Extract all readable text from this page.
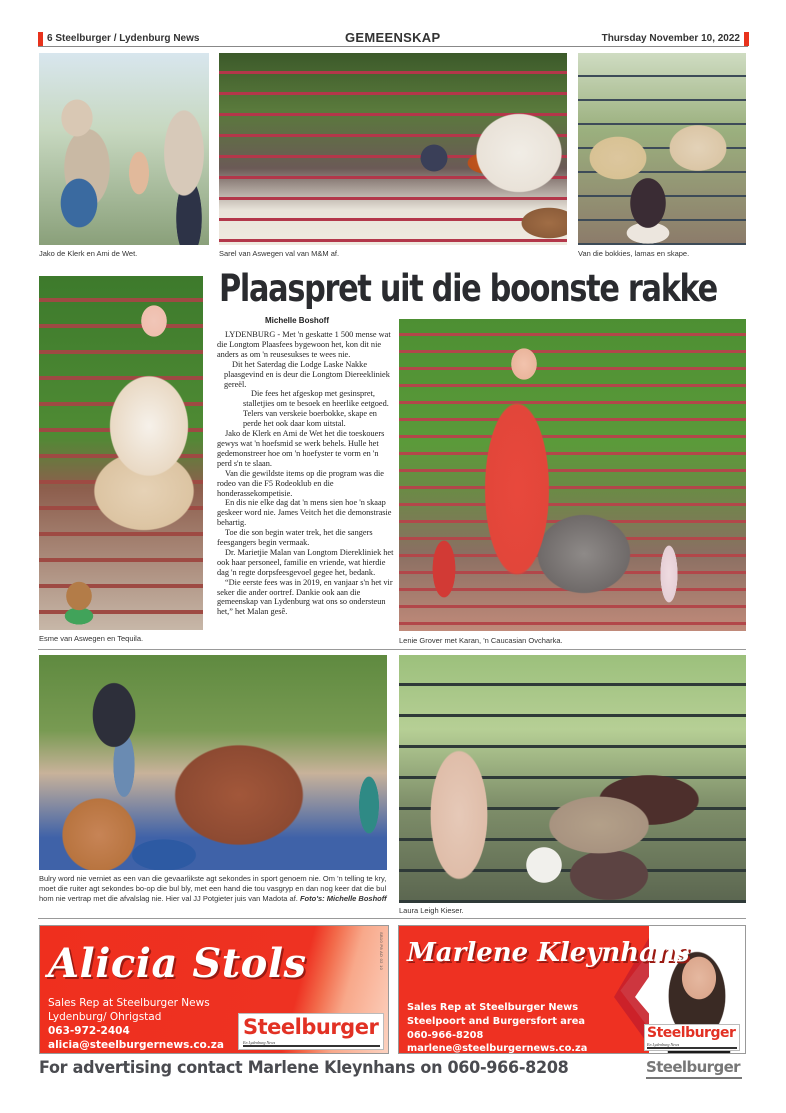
6 Steelburger / Lydenburg News	GEMEENSKAP	Thursday November 10, 2022
Jako de Klerk en Ami de Wet.	Sarel van Aswegen val van M&M af.	Van die bokkies, lamas en skape.
Plaaspret uit die boonste rakke
Michelle Boshoff
Esme van Aswegen en Tequila.

LYDENBURG - Met 'n geskatte 1 500 mense wat die Longtom Plaasfees bygewoon het, kon dit nie anders as om 'n reusesukses te wees nie.

Dit het Saterdag die Lodge Laske Nakke plaasgevind en is deur die Longtom Diereekliniek gereël.

Die fees het afgeskop met gesinspret, stalletjies om te besoek en heerlike eetgoed. Telers van verskeie boerbokke, skape en perde het ook daar kom uitstal.

Jako de Klerk en Ami de Wet het die toeskouers gewys wat 'n hoefsmid se werk behels. Hulle het gedemonstreer hoe om 'n hoefyster te vorm en 'n perd s'n te slaan.

Van die gewildste items op die program was die rodeo van die F5 Rodeoklub en die honderassekompetisie.

En dis nie elke dag dat 'n mens sien hoe 'n skaap geskeer word nie. James Veitch het die demonstrasie behartig.

Toe die son begin water trek, het die sangers feesgangers begin vermaak.

Dr. Marietjie Malan van Longtom Dierekliniek het ook haar personeel, familie en vriende, wat hierdie dag 'n regte dorpsfeesgevoel gegee het, bedank.

“Die eerste fees was in 2019, en vanjaar s'n het vir seker die ander oortref. Dankie ook aan die gemeenskap van Lydenburg wat ons so ondersteun het,” het Malan gesê.

Lenie Grover met Karan, 'n Caucasian Ovcharka.
Bulry word nie verniet as een van die gevaarlikste agt sekondes in sport genoem nie. Om 'n telling te kry, moet die ruiter agt sekondes bo-op die bul bly, met een hand die tou vasgryp en dan nog keer dat die bul hom nie vertrap met die afvalslag nie. Hier val JJ Potgieter juis van Madota af. Foto's: Michelle Boshoff
Laura Leigh Kieser.
Alicia Stols
Sales Rep at Steelburger News
Lydenburg/ Ohrigstad
063-972-2404
alicia@steelburgernews.co.za
Steelburger
En Lydenburg News
SB10 P8 AD 02 10 Marlene Kleynhans
Sales Rep at Steelburger News
Steelpoort and Burgersfort area
060-966-8208
marlene@steelburgernews.co.za
Steelburger
En Lydenburg News
For advertising contact Marlene Kleynhans on 060-966-8208	Steelburger
